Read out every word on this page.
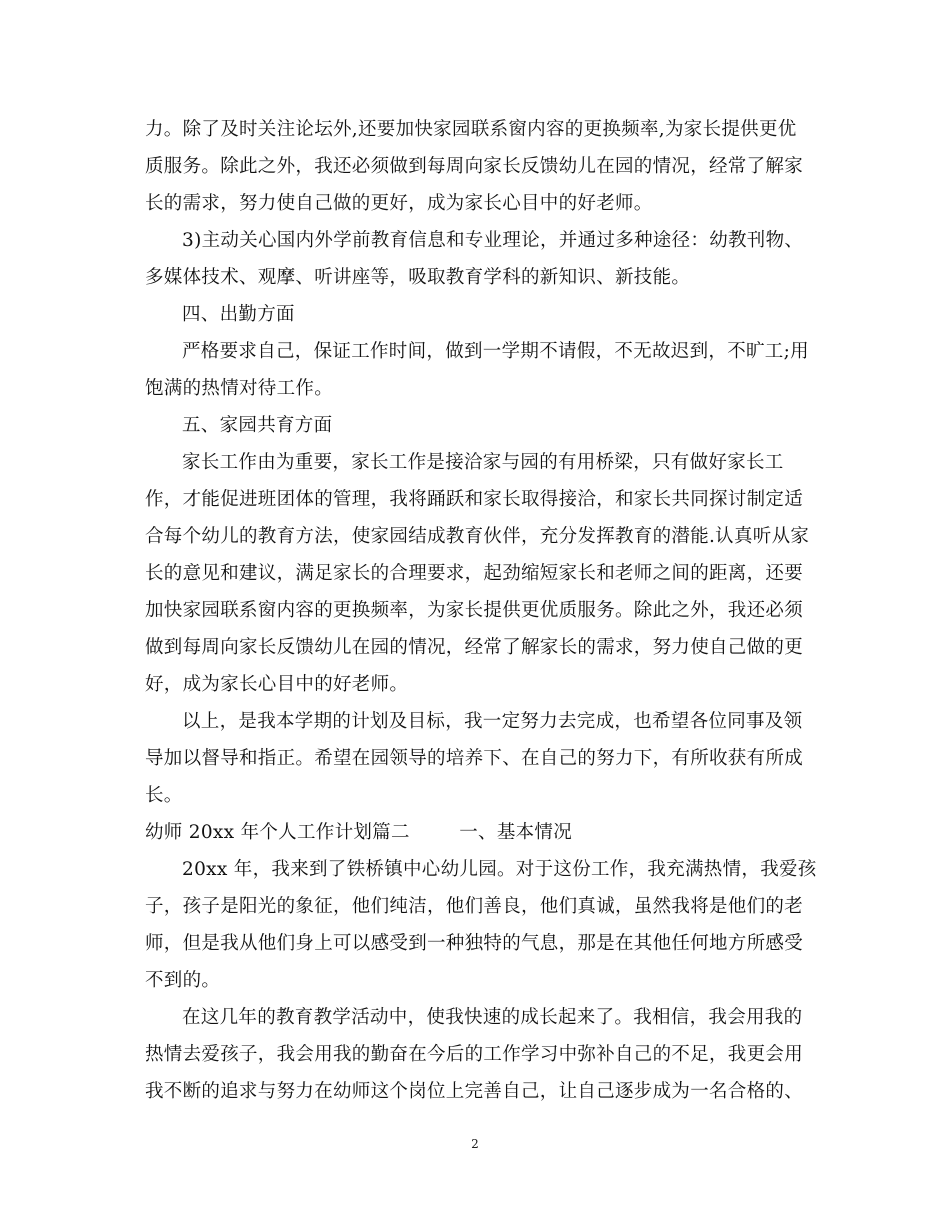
力。除了及时关注论坛外,还要加快家园联系窗内容的更换频率,为家长提供更优
质服务。除此之外，我还必须做到每周向家长反馈幼儿在园的情况，经常了解家
长的需求，努力使自己做的更好，成为家长心目中的好老师。
3)主动关心国内外学前教育信息和专业理论，并通过多种途径：幼教刊物、
多媒体技术、观摩、听讲座等，吸取教育学科的新知识、新技能。
四、出勤方面
严格要求自己，保证工作时间，做到一学期不请假，不无故迟到，不旷工;用
饱满的热情对待工作。
五、家园共育方面
家长工作由为重要，家长工作是接洽家与园的有用桥梁，只有做好家长工
作，才能促进班团体的管理，我将踊跃和家长取得接洽，和家长共同探讨制定适
合每个幼儿的教育方法，使家园结成教育伙伴，充分发挥教育的潜能.认真听从家
长的意见和建议，满足家长的合理要求，起劲缩短家长和老师之间的距离，还要
加快家园联系窗内容的更换频率，为家长提供更优质服务。除此之外，我还必须
做到每周向家长反馈幼儿在园的情况，经常了解家长的需求，努力使自己做的更
好，成为家长心目中的好老师。
以上，是我本学期的计划及目标，我一定努力去完成，也希望各位同事及领
导加以督导和指正。希望在园领导的培养下、在自己的努力下，有所收获有所成
长。
幼师 20xx 年个人工作计划篇二        一、基本情况
20xx 年，我来到了铁桥镇中心幼儿园。对于这份工作，我充满热情，我爱孩
子，孩子是阳光的象征，他们纯洁，他们善良，他们真诚，虽然我将是他们的老
师，但是我从他们身上可以感受到一种独特的气息，那是在其他任何地方所感受
不到的。
在这几年的教育教学活动中，使我快速的成长起来了。我相信，我会用我的
热情去爱孩子，我会用我的勤奋在今后的工作学习中弥补自己的不足，我更会用
我不断的追求与努力在幼师这个岗位上完善自己，让自己逐步成为一名合格的、
2
